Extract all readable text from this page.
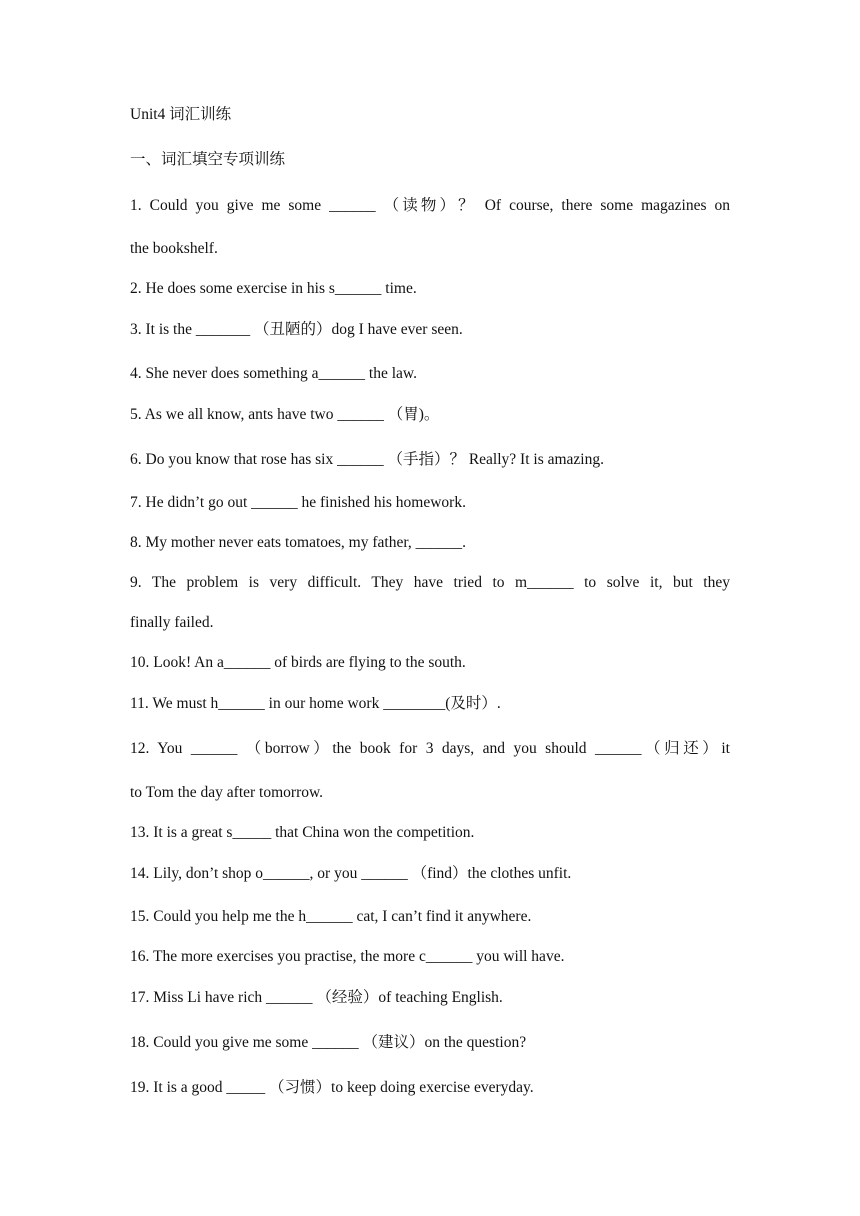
Unit4 词汇训练
一、词汇填空专项训练
1. Could you give me some ______ （读物）？ Of course, there some magazines on
the bookshelf.
2. He does some exercise in his s______ time.
3. It is the _______ （丑陋的）dog I have ever seen.
4. She never does something a______ the law.
5. As we all know, ants have two ______ （胃)。
6. Do you know that rose has six ______ （手指）？ Really? It is amazing.
7. He didn’t go out ______ he finished his homework.
8. My mother never eats tomatoes, my father, ______.
9. The problem is very difficult. They have tried to m______ to solve it, but they
finally failed.
10. Look! An a______ of birds are flying to the south.
11. We must h______ in our home work ________(及时）.
12. You ______ （borrow）the book for 3 days, and you should ______（归还）it
to Tom the day after tomorrow.
13. It is a great s_____ that China won the competition.
14. Lily, don’t shop o______, or you ______ （find）the clothes unfit.
15. Could you help me the h______ cat, I can’t find it anywhere.
16. The more exercises you practise, the more c______ you will have.
17. Miss Li have rich ______ （经验）of teaching English.
18. Could you give me some ______ （建议）on the question?
19. It is a good _____ （习惯）to keep doing exercise everyday.
